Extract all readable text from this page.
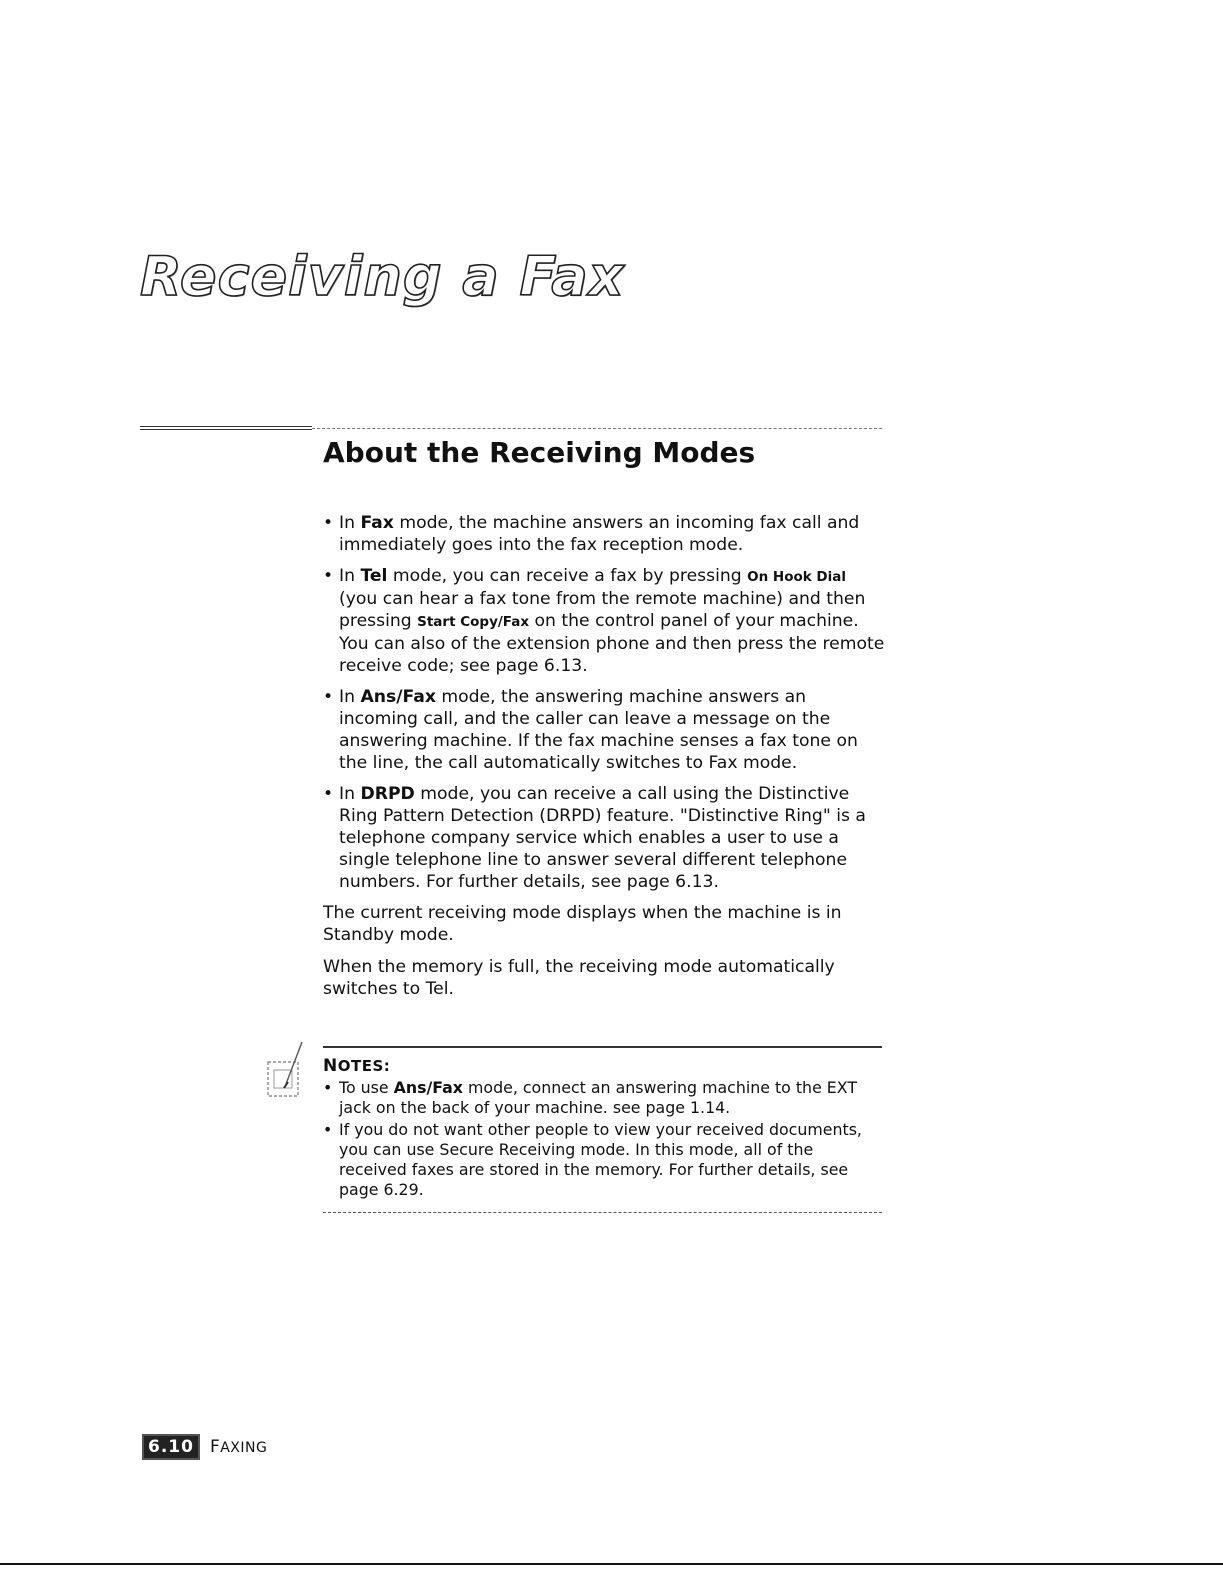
Receiving a Fax
About the Receiving Modes
• In Fax mode, the machine answers an incoming fax call and immediately goes into the fax reception mode.
• In Tel mode, you can receive a fax by pressing On Hook Dial (you can hear a fax tone from the remote machine) and then pressing Start Copy/Fax on the control panel of your machine. You can also of the extension phone and then press the remote receive code; see page 6.13.
• In Ans/Fax mode, the answering machine answers an incoming call, and the caller can leave a message on the answering machine. If the fax machine senses a fax tone on the line, the call automatically switches to Fax mode.
• In DRPD mode, you can receive a call using the Distinctive Ring Pattern Detection (DRPD) feature. "Distinctive Ring" is a telephone company service which enables a user to use a single telephone line to answer several different telephone numbers. For further details, see page 6.13.

The current receiving mode displays when the machine is in Standby mode.

When the memory is full, the receiving mode automatically switches to Tel.

NOTES:
• To use Ans/Fax mode, connect an answering machine to the EXT jack on the back of your machine. see page 1.14.
• If you do not want other people to view your received documents, you can use Secure Receiving mode. In this mode, all of the received faxes are stored in the memory. For further details, see page 6.29.
6.10 FAXING
